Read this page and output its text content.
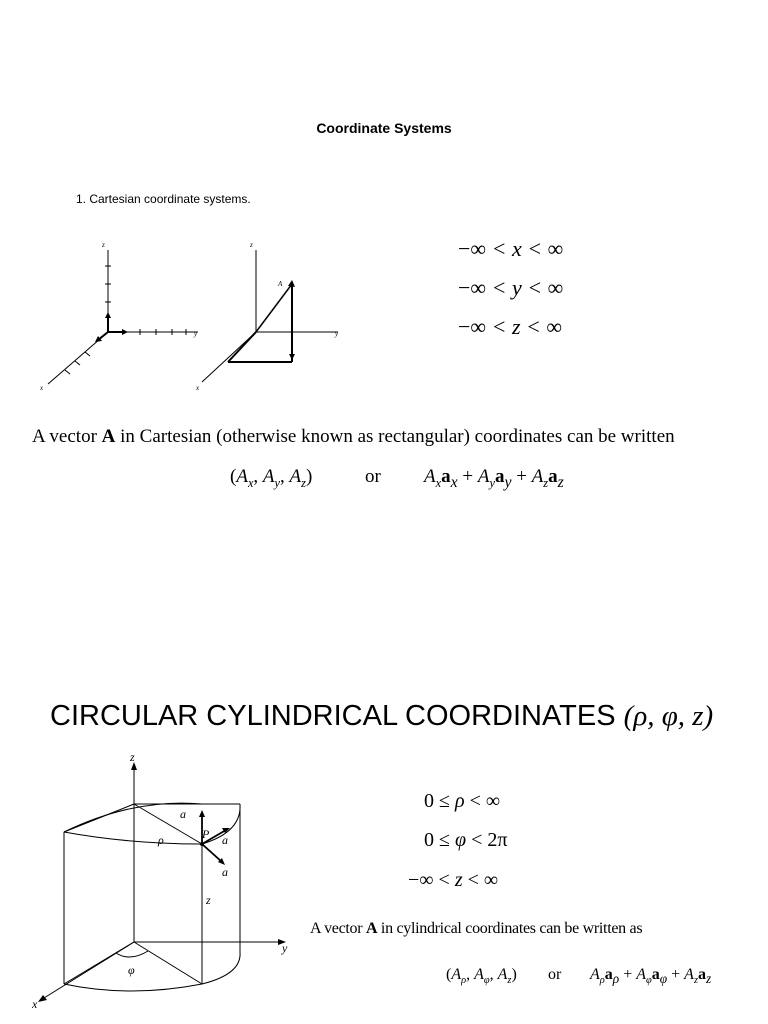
Coordinate Systems
1. Cartesian coordinate systems.
z
y
x
z
y
x
A
−∞ < x < ∞
−∞ < y < ∞
−∞ < z < ∞
A vector A in Cartesian (otherwise known as rectangular) coordinates can be written
($A_x$, $A_y$, $A_z$)	or $A_xa_x + A_ya_y + A_za_z$
CIRCULAR CYLINDRICAL COORDINATES (ρ, φ, z)
z
y
x
ρ
φ
P
a
a
a
z
0 ≤ ρ < ∞
0 ≤ φ < 2π
−∞ < z < ∞
A vector A in cylindrical coordinates can be written as
($A_\rho$, $A_\varphi$, $A_z$) or $A_\rho a_\rho + A_\varphi a_\varphi + A_za_z$
